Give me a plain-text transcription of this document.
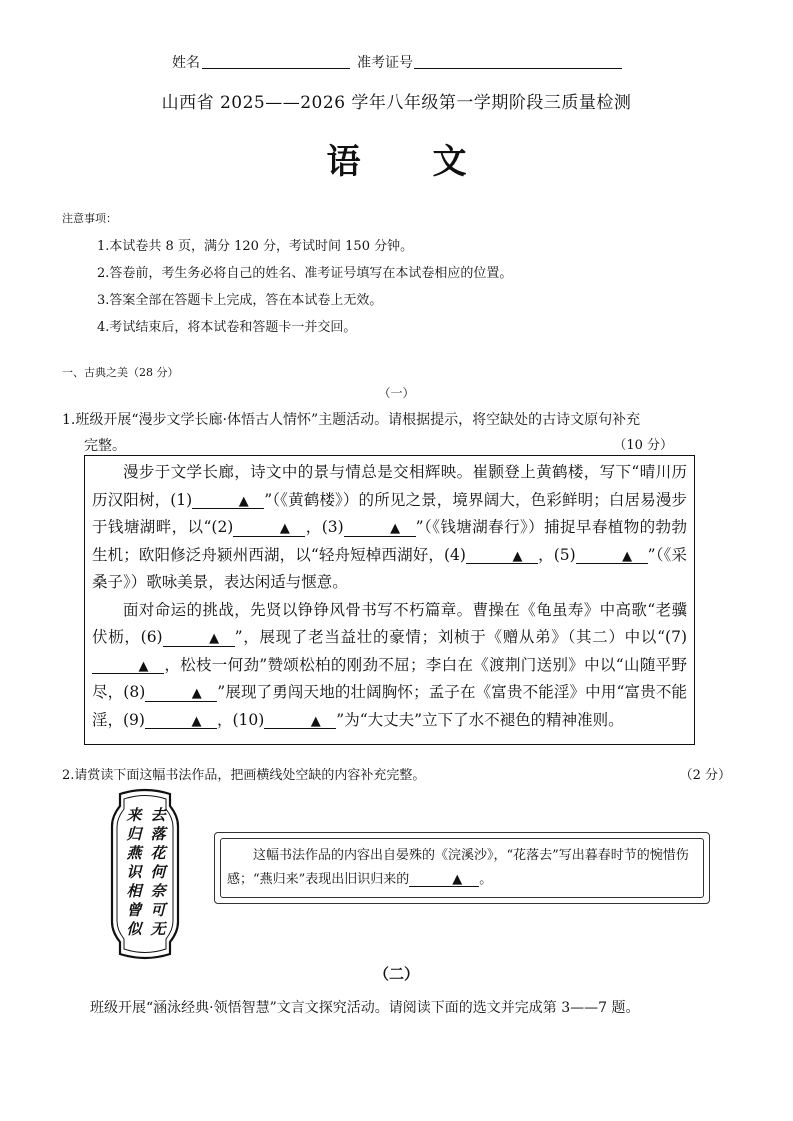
姓名	准考证号
山西省 2025——2026 学年八年级第一学期阶段三质量检测
语文
注意事项：
1.本试卷共 8 页，满分 120 分，考试时间 150 分钟。
2.答卷前，考生务必将自己的姓名、准考证号填写在本试卷相应的位置。
3.答案全部在答题卡上完成，答在本试卷上无效。
4.考试结束后，将本试卷和答题卡一并交回。
一、古典之美（28 分）
（一）
1.班级开展“漫步文学长廊·体悟古人情怀”主题活动。请根据提示，将空缺处的古诗文原句补充
完整。	（10 分）

漫步于文学长廊，诗文中的景与情总是交相辉映。崔颢登上黄鹤楼，写下“晴川历历汉阳树，(1)	▲ ”（《黄鹤楼》）的所见之景，境界阔大，色彩鲜明；白居易漫步于钱塘湖畔，以“(2)	▲ ，(3)	▲ ”（《钱塘湖春行》）捕捉早春植物的勃勃生机；欧阳修泛舟颍州西湖，以“轻舟短棹西湖好，(4)	▲ ，(5)	▲ ”（《采桑子》）歌咏美景，表达闲适与惬意。

面对命运的挑战，先贤以铮铮风骨书写不朽篇章。曹操在《龟虽寿》中高歌“老骥伏枥，(6)	▲ ”，展现了老当益壮的豪情；刘桢于《赠从弟》（其二）中以“(7)▲ ，松枝一何劲”赞颂松柏的刚劲不屈；李白在《渡荆门送别》中以“山随平野尽，(8)	▲ ”展现了勇闯天地的壮阔胸怀；孟子在《富贵不能淫》中用“富贵不能淫，(9)	▲ ，(10)	▲ ”为“大丈夫”立下了水不褪色的精神准则。

2.请赏读下面这幅书法作品，把画横线处空缺的内容补充完整。	（2 分）
去落花何奈可无
来归燕识相曾似
这幅书法作品的内容出自晏殊的《浣溪沙》，“花落去”写出暮春时节的惋惜伤感；“燕归来”表现出旧识归来的	▲ 。
（二）
班级开展“涵泳经典·领悟智慧”文言文探究活动。请阅读下面的选文并完成第 3——7 题。
